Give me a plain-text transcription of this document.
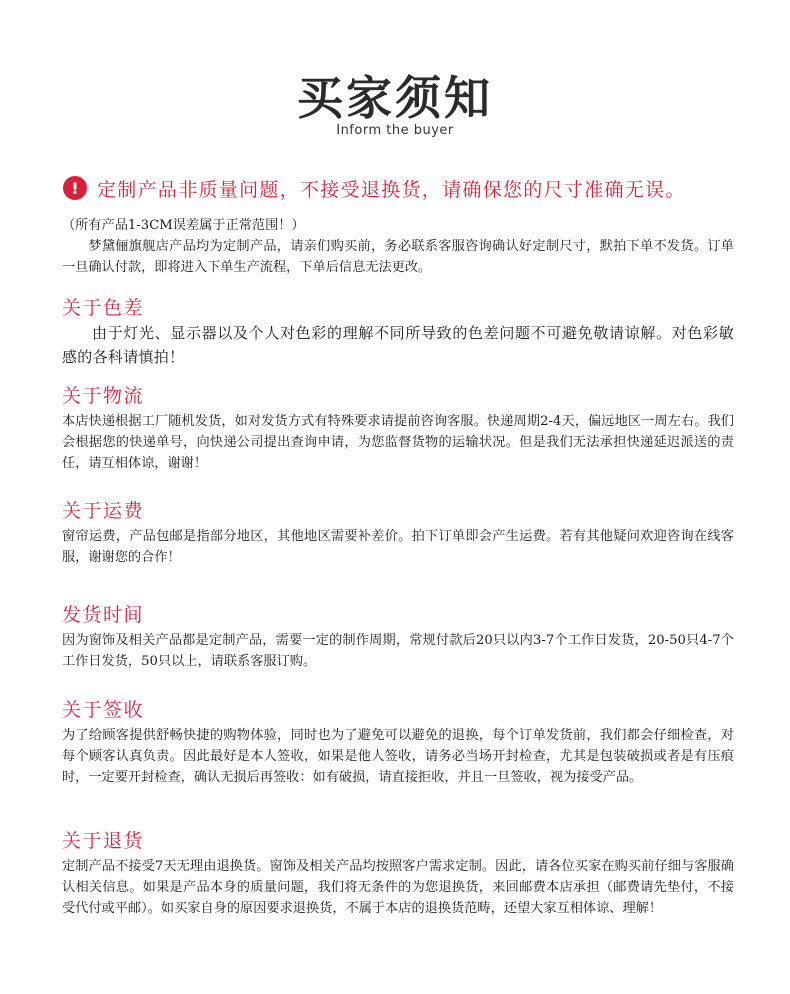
买家须知
Inform the buyer
! 定制产品非质量问题，不接受退换货，请确保您的尺寸准确无误。

（所有产品1-3CM误差属于正常范围！）

梦黛俪旗舰店产品均为定制产品，请亲们购买前，务必联系客服咨询确认好定制尺寸，默拍下单不发货。订单一旦确认付款，即将进入下单生产流程，下单后信息无法更改。

关于色差

由于灯光、显示器以及个人对色彩的理解不同所导致的色差问题不可避免敬请谅解。对色彩敏感的各科请慎拍！

关于物流

本店快递根据工厂随机发货，如对发货方式有特殊要求请提前咨询客服。快递周期2-4天，偏远地区一周左右。我们会根据您的快递单号，向快递公司提出查询申请，为您监督货物的运输状况。但是我们无法承担快递延迟派送的责任，请互相体谅，谢谢！

关于运费

窗帘运费，产品包邮是指部分地区，其他地区需要补差价。拍下订单即会产生运费。若有其他疑问欢迎咨询在线客服，谢谢您的合作！

发货时间

因为窗饰及相关产品都是定制产品，需要一定的制作周期，常规付款后20只以内3-7个工作日发货，20-50只4-7个工作日发货，50只以上，请联系客服订购。

关于签收

为了给顾客提供舒畅快捷的购物体验，同时也为了避免可以避免的退换，每个订单发货前，我们都会仔细检查，对每个顾客认真负责。因此最好是本人签收，如果是他人签收，请务必当场开封检查，尤其是包装破损或者是有压痕时，一定要开封检查，确认无损后再签收：如有破损，请直接拒收，并且一旦签收，视为接受产品。

关于退货

定制产品不接受7天无理由退换货。窗饰及相关产品均按照客户需求定制。因此，请各位买家在购买前仔细与客服确认相关信息。如果是产品本身的质量问题，我们将无条件的为您退换货，来回邮费本店承担（邮费请先垫付，不接受代付或平邮）。如买家自身的原因要求退换货，不属于本店的退换货范畴，还望大家互相体谅、理解！
